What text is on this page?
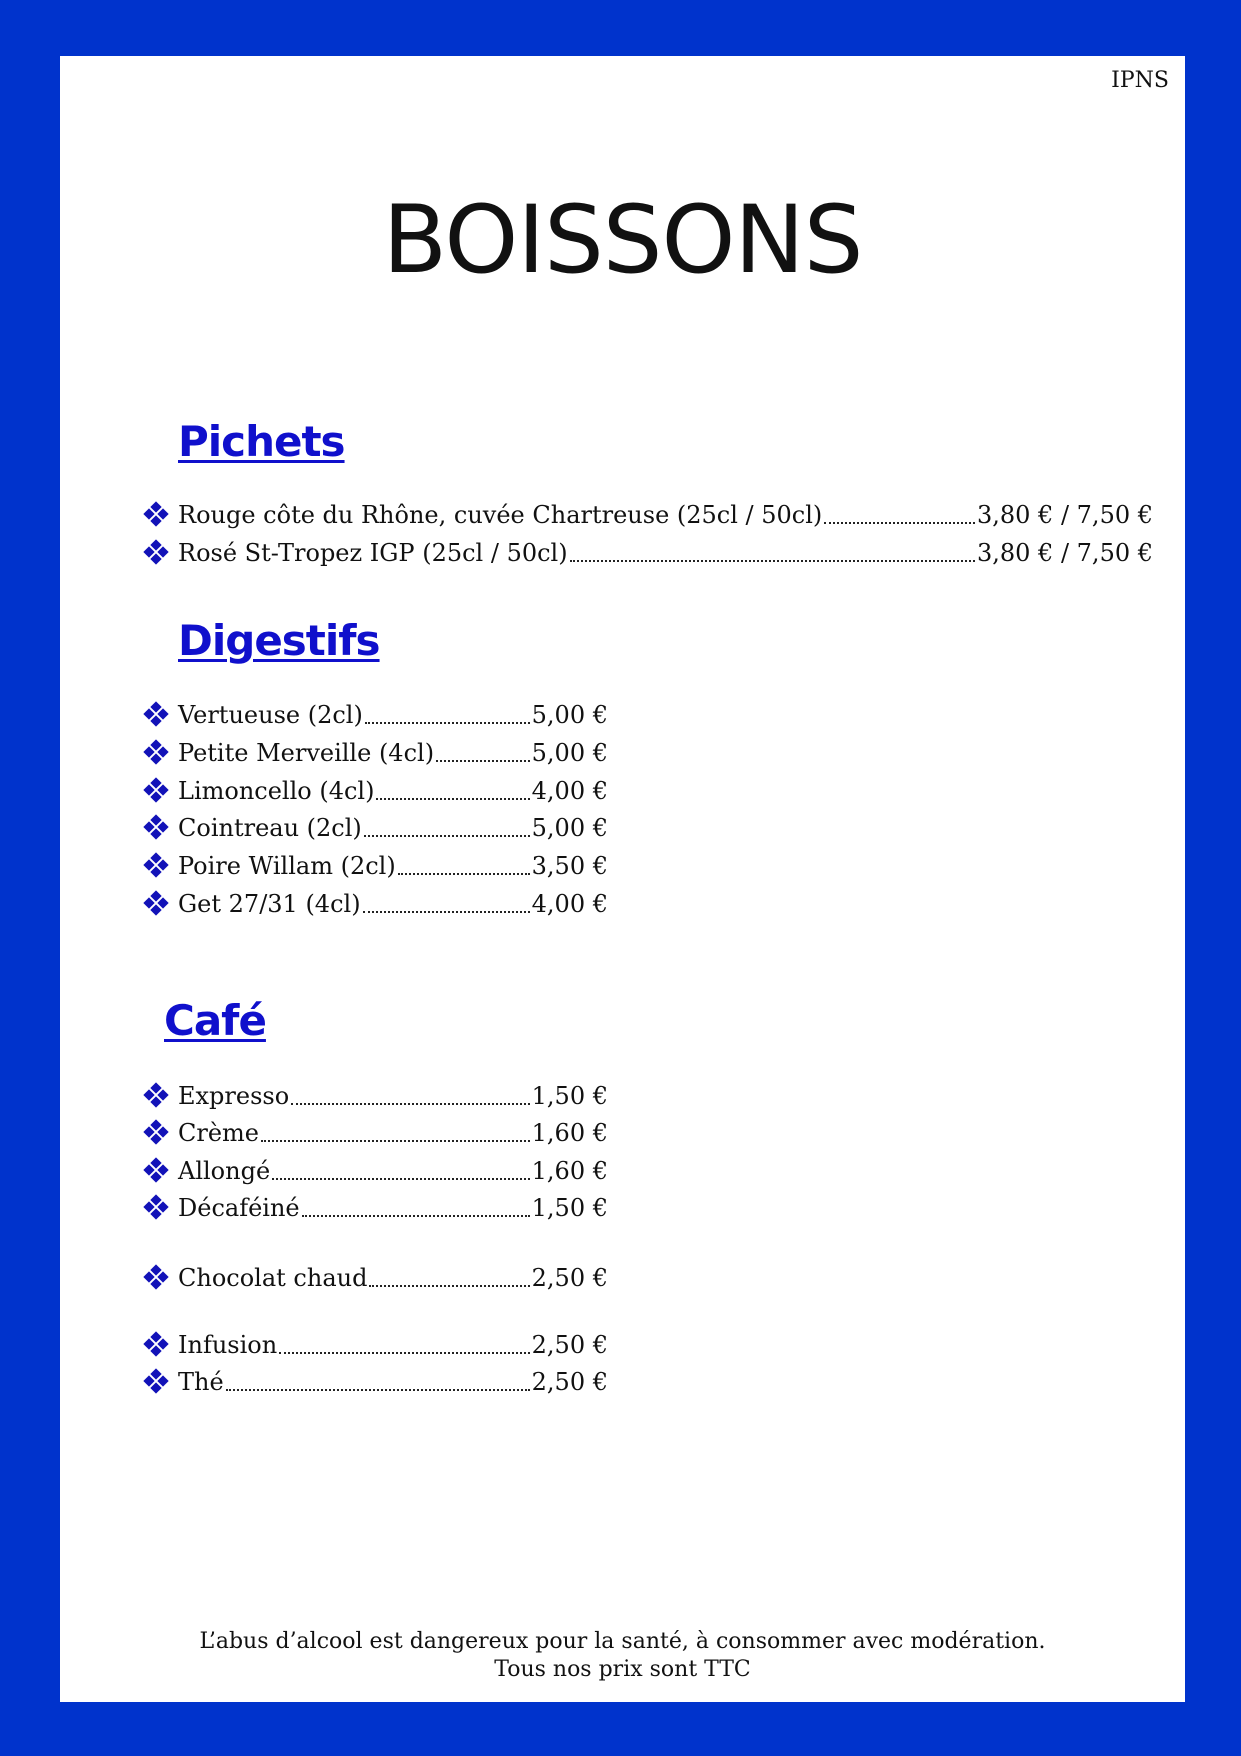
IPNS
BOISSONS
Pichets
Rouge côte du Rhône, cuvée Chartreuse (25cl / 50cl)	3,80 € / 7,50 €
Rosé St-Tropez IGP (25cl / 50cl)	3,80 € / 7,50 €
Digestifs
Vertueuse (2cl)	5,00 €
Petite Merveille (4cl)	5,00 €
Limoncello (4cl)	4,00 €
Cointreau (2cl)	5,00 €
Poire Willam (2cl)	3,50 €
Get 27/31 (4cl)	4,00 €
Café
Expresso	1,50 €
Crème	1,60 €
Allongé	1,60 €
Décaféiné	1,50 €
Chocolat chaud	2,50 €
Infusion	2,50 €
Thé	2,50 €
L’abus d’alcool est dangereux pour la santé, à consommer avec modération.
Tous nos prix sont TTC
